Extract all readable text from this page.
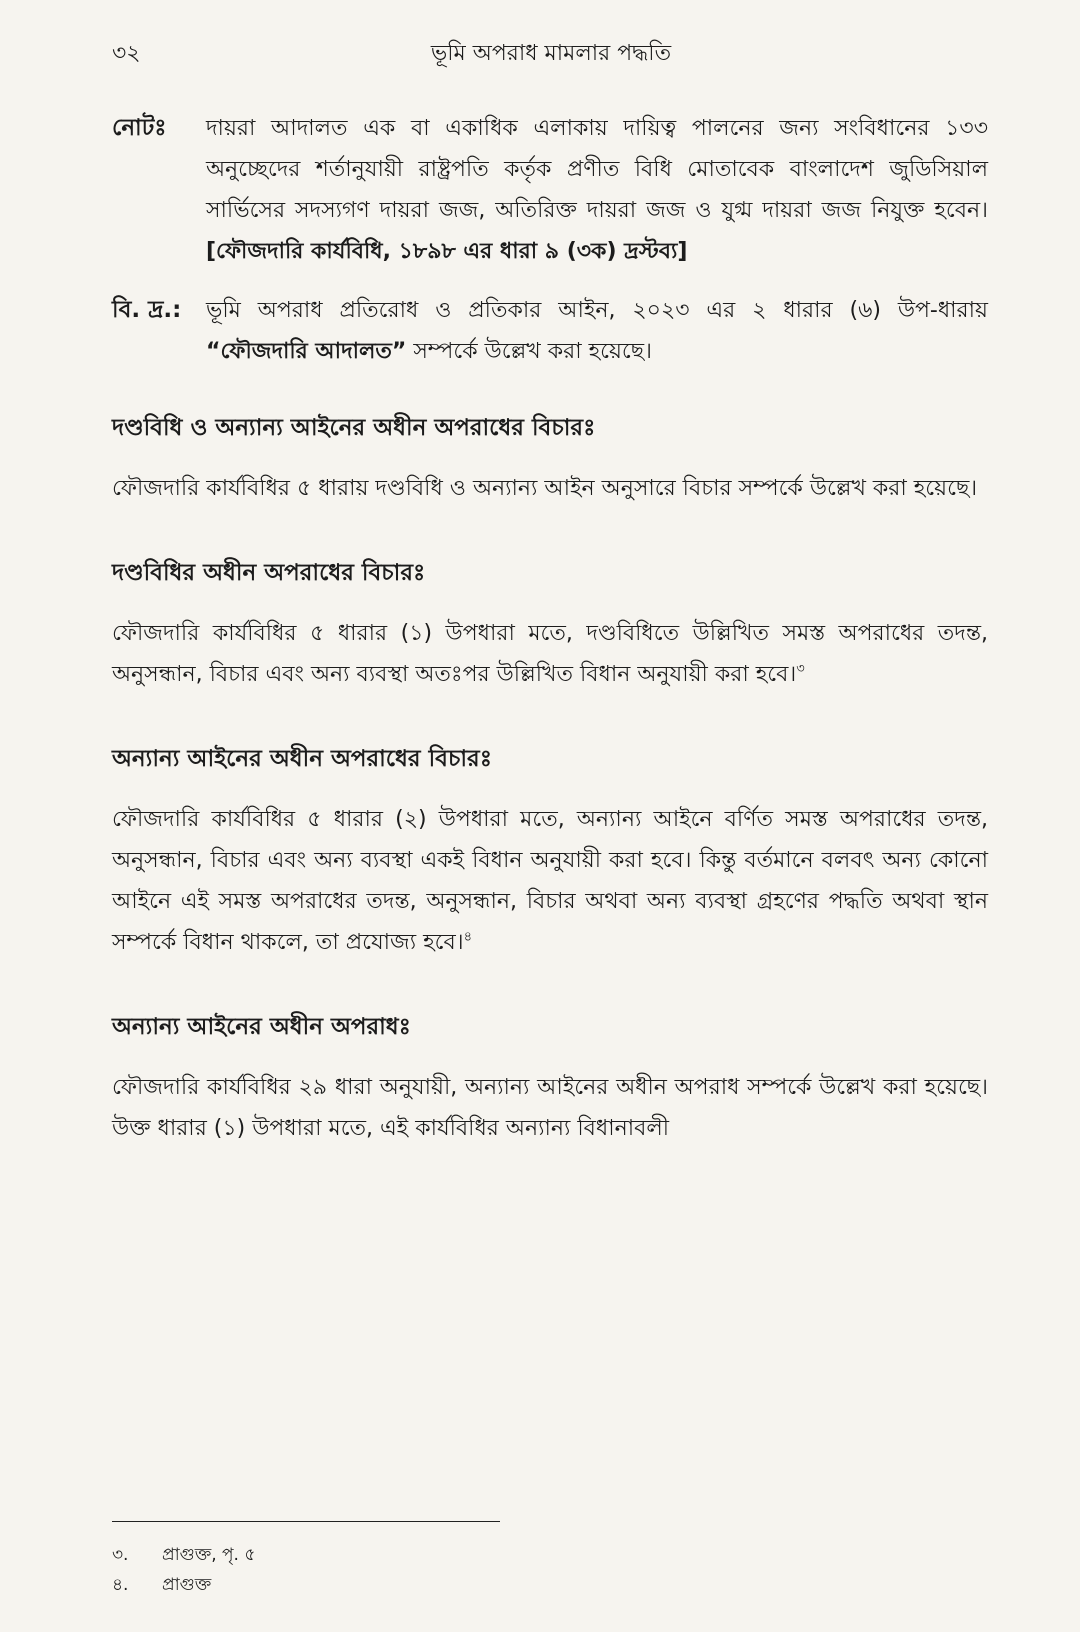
৩২	ভূমি অপরাধ মামলার পদ্ধতি
নোটঃ	দায়রা আদালত এক বা একাধিক এলাকায় দায়িত্ব পালনের জন্য সংবিধানের ১৩৩ অনুচ্ছেদের শর্তানুযায়ী রাষ্ট্রপতি কর্তৃক প্রণীত বিধি মোতাবেক বাংলাদেশ জুডিসিয়াল সার্ভিসের সদস্যগণ দায়রা জজ, অতিরিক্ত দায়রা জজ ও যুগ্ম দায়রা জজ নিযুক্ত হবেন। [ফৌজদারি কার্যবিধি, ১৮৯৮ এর ধারা ৯ (৩ক) দ্রস্টব্য]
বি. দ্র.:	ভূমি অপরাধ প্রতিরোধ ও প্রতিকার আইন, ২০২৩ এর ২ ধারার (৬) উপ-ধারায় “ফৌজদারি আদালত” সম্পর্কে উল্লেখ করা হয়েছে।
দণ্ডবিধি ও অন্যান্য আইনের অধীন অপরাধের বিচারঃ

ফৌজদারি কার্যবিধির ৫ ধারায় দণ্ডবিধি ও অন্যান্য আইন অনুসারে বিচার সম্পর্কে উল্লেখ করা হয়েছে।

দণ্ডবিধির অধীন অপরাধের বিচারঃ

ফৌজদারি কার্যবিধির ৫ ধারার (১) উপধারা মতে, দণ্ডবিধিতে উল্লিখিত সমস্ত অপরাধের তদন্ত, অনুসন্ধান, বিচার এবং অন্য ব্যবস্থা অতঃপর উল্লিখিত বিধান অনুযায়ী করা হবে।$^৩$

অন্যান্য আইনের অধীন অপরাধের বিচারঃ

ফৌজদারি কার্যবিধির ৫ ধারার (২) উপধারা মতে, অন্যান্য আইনে বর্ণিত সমস্ত অপরাধের তদন্ত, অনুসন্ধান, বিচার এবং অন্য ব্যবস্থা একই বিধান অনুযায়ী করা হবে। কিন্তু বর্তমানে বলবৎ অন্য কোনো আইনে এই সমস্ত অপরাধের তদন্ত, অনুসন্ধান, বিচার অথবা অন্য ব্যবস্থা গ্রহণের পদ্ধতি অথবা স্থান সম্পর্কে বিধান থাকলে, তা প্রযোজ্য হবে।$^৪$

অন্যান্য আইনের অধীন অপরাধঃ

ফৌজদারি কার্যবিধির ২৯ ধারা অনুযায়ী, অন্যান্য আইনের অধীন অপরাধ সম্পর্কে উল্লেখ করা হয়েছে। উক্ত ধারার (১) উপধারা মতে, এই কার্যবিধির অন্যান্য বিধানাবলী

৩.	প্রাগুক্ত, পৃ. ৫
৪.	প্রাগুক্ত
